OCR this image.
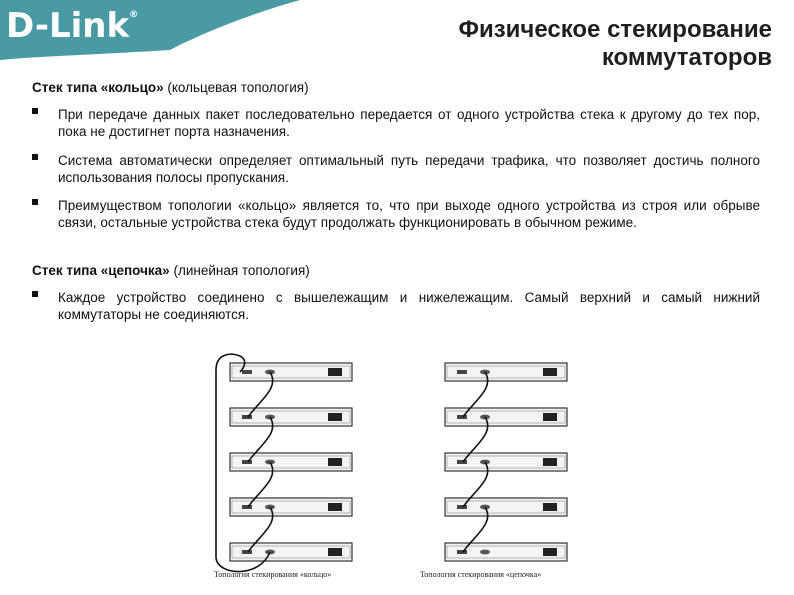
D-Link®
Физическое стекирование
коммутаторов
Стек типа «кольцо» (кольцевая топология)
При передаче данных пакет последовательно передается от одного устройства стека к другому до тех пор, пока не достигнет порта назначения.
Система автоматически определяет оптимальный путь передачи трафика, что позволяет достичь полного использования полосы пропускания.
Преимуществом топологии «кольцо» является то, что при выходе одного устройства из строя или обрыве связи, остальные устройства стека будут продолжать функционировать в обычном режиме.
Стек типа «цепочка» (линейная топология)
Каждое устройство соединено с вышележащим и нижележащим. Самый верхний и самый нижний коммутаторы не соединяются.
Топология стекирования «кольцо»	Топология стекирования «цепочка»
